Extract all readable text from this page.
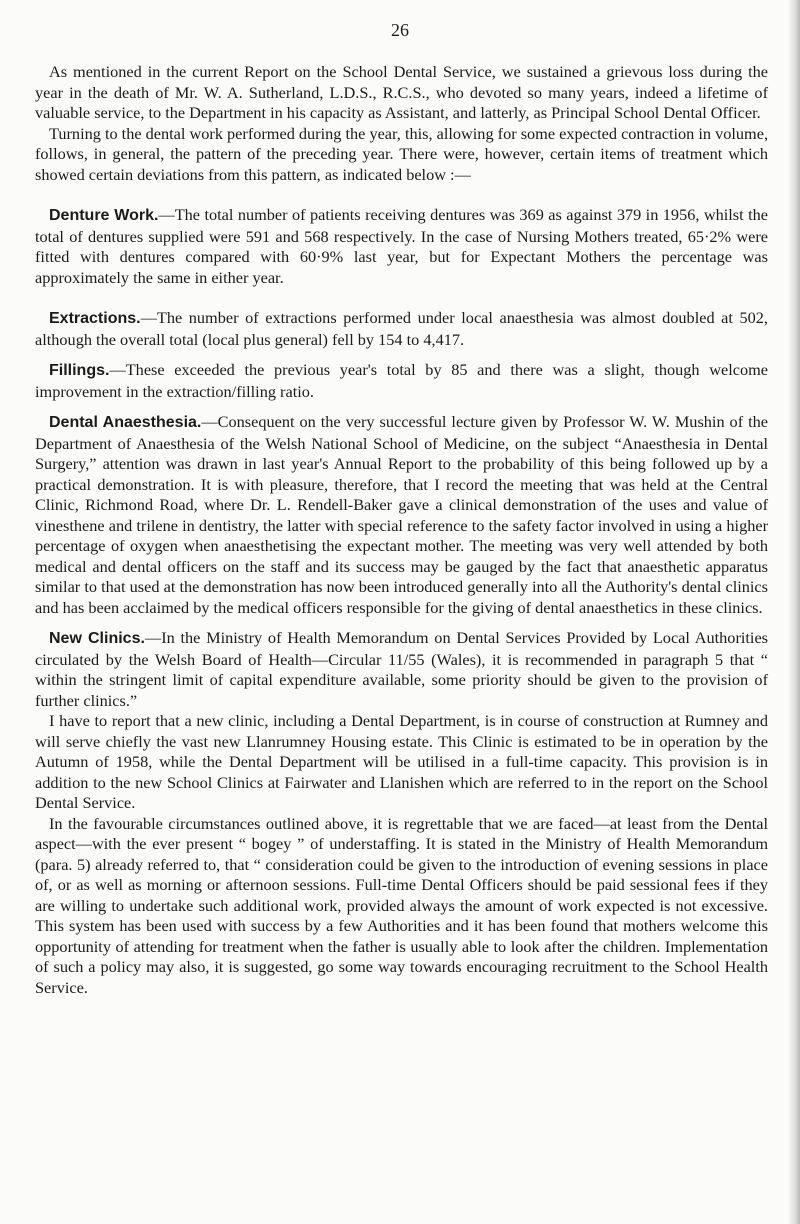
26

As mentioned in the current Report on the School Dental Service, we sustained a grievous loss during the year in the death of Mr. W. A. Sutherland, L.D.S., R.C.S., who devoted so many years, indeed a lifetime of valuable service, to the Department in his capacity as Assistant, and latterly, as Principal School Dental Officer.

Turning to the dental work performed during the year, this, allowing for some expected contraction in volume, follows, in general, the pattern of the preceding year. There were, however, certain items of treatment which showed certain deviations from this pattern, as indicated below :—

Denture Work.—The total number of patients receiving dentures was 369 as against 379 in 1956, whilst the total of dentures supplied were 591 and 568 respectively. In the case of Nursing Mothers treated, 65·2% were fitted with dentures compared with 60·9% last year, but for Expectant Mothers the percentage was approximately the same in either year.

Extractions.—The number of extractions performed under local anaesthesia was almost doubled at 502, although the overall total (local plus general) fell by 154 to 4,417.

Fillings.—These exceeded the previous year's total by 85 and there was a slight, though welcome improvement in the extraction/filling ratio.

Dental Anaesthesia.—Consequent on the very successful lecture given by Professor W. W. Mushin of the Department of Anaesthesia of the Welsh National School of Medicine, on the subject “Anaesthesia in Dental Surgery,” attention was drawn in last year's Annual Report to the probability of this being followed up by a practical demonstration. It is with pleasure, therefore, that I record the meeting that was held at the Central Clinic, Richmond Road, where Dr. L. Rendell-Baker gave a clinical demonstration of the uses and value of vinesthene and trilene in dentistry, the latter with special reference to the safety factor involved in using a higher percentage of oxygen when anaesthetising the expectant mother. The meeting was very well attended by both medical and dental officers on the staff and its success may be gauged by the fact that anaesthetic apparatus similar to that used at the demonstration has now been introduced generally into all the Authority's dental clinics and has been acclaimed by the medical officers responsible for the giving of dental anaesthetics in these clinics.

New Clinics.—In the Ministry of Health Memorandum on Dental Services Provided by Local Authorities circulated by the Welsh Board of Health—Circular 11/55 (Wales), it is recommended in paragraph 5 that “ within the stringent limit of capital expenditure available, some priority should be given to the provision of further clinics.”

I have to report that a new clinic, including a Dental Department, is in course of construction at Rumney and will serve chiefly the vast new Llanrumney Housing estate. This Clinic is estimated to be in operation by the Autumn of 1958, while the Dental Department will be utilised in a full-time capacity. This provision is in addition to the new School Clinics at Fairwater and Llanishen which are referred to in the report on the School Dental Service.

In the favourable circumstances outlined above, it is regrettable that we are faced—at least from the Dental aspect—with the ever present “ bogey ” of understaffing. It is stated in the Ministry of Health Memorandum (para. 5) already referred to, that “ consideration could be given to the introduction of evening sessions in place of, or as well as morning or afternoon sessions. Full-time Dental Officers should be paid sessional fees if they are willing to undertake such additional work, provided always the amount of work expected is not excessive. This system has been used with success by a few Authorities and it has been found that mothers welcome this opportunity of attending for treatment when the father is usually able to look after the children. Implementation of such a policy may also, it is suggested, go some way towards encouraging recruitment to the School Health Service.
